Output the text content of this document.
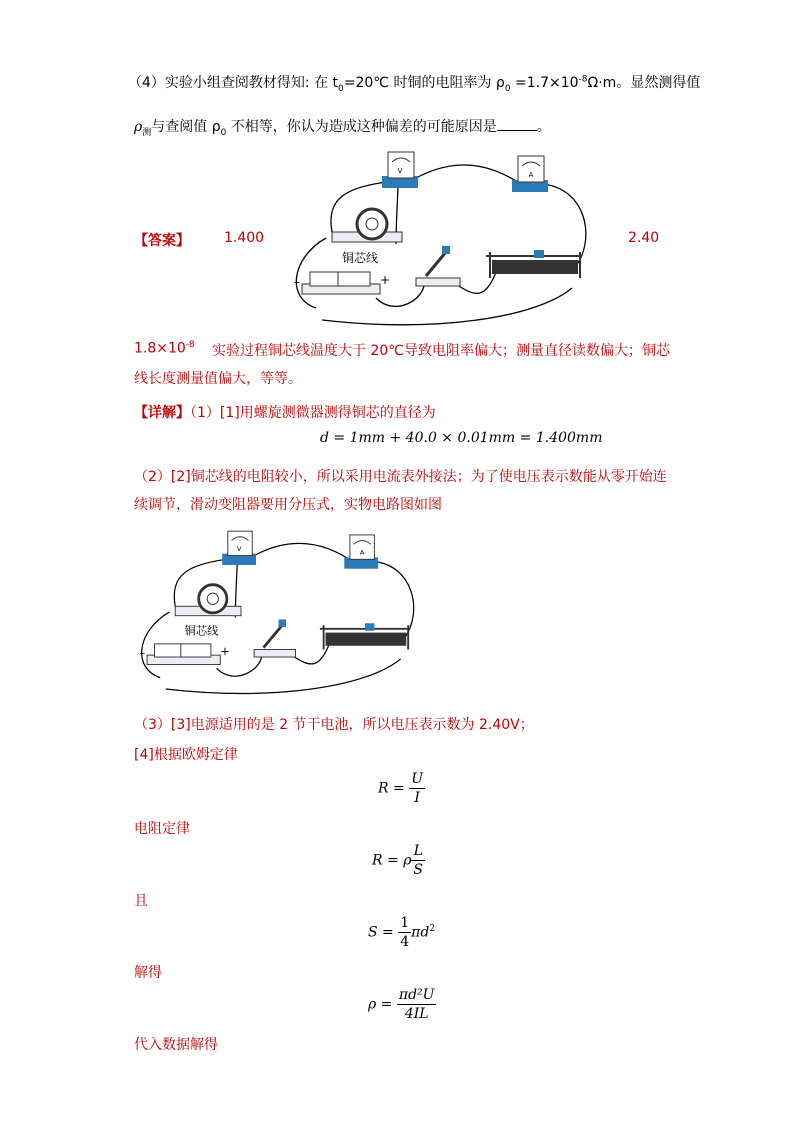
（4）实验小组查阅教材得知: 在 $t_0=20℃$ 时铜的电阻率为 $\rho_0 =1.7\times 10^{-8}\Omega\cdot m$。显然测得值
$\rho_测$与查阅值 $\rho_0$ 不相等，你认为造成这种偏差的可能原因是	。
【答案】 1.400	2.40
V	A
铜芯线
–	+
$1.8\times 10^{-8}$ 实验过程铜芯线温度大于 20℃导致电阻率偏大；测量直径读数偏大；铜芯
线长度测量值偏大，等等。
【详解】（1）[1]用螺旋测微器测得铜芯的直径为
d = 1mm + 40.0 × 0.01mm = 1.400mm
（2）[2]铜芯线的电阻较小，所以采用电流表外接法；为了使电压表示数能从零开始连
续调节，滑动变阻器要用分压式，实物电路图如图
V	A
铜芯线
–	+
（3）[3]电源适用的是 2 节干电池，所以电压表示数为 2.40V；
[4]根据欧姆定律
$R = \frac{U}{I}$
电阻定律
R = ρ $\frac{L}{S}$
且
$S = \frac{1}{4} \pi d^2$
解得
$\rho = \frac{\text{πd²U}}{4IL}$
代入数据解得
